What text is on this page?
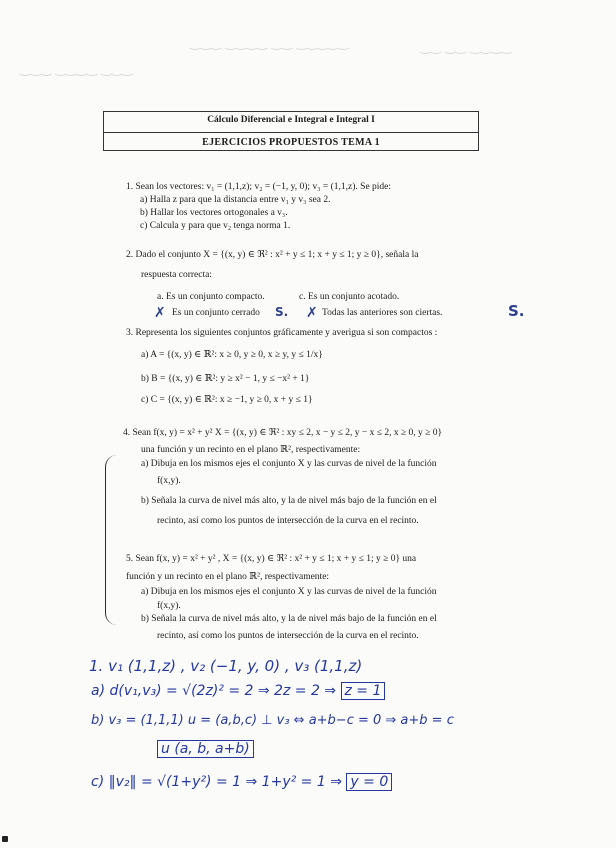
‿‿‿ ‿‿‿‿ ‿‿ ‿‿‿‿‿
‿‿‿ ‿‿‿‿ ‿‿‿
‿‿ ‿‿ ‿‿‿‿
Cálculo Diferencial e Integral e Integral I
EJERCICIOS PROPUESTOS TEMA 1
1. Sean los vectores: v₁ = (1,1,z); v₂ = (−1, y, 0); v₃ = (1,1,z). Se pide:
a) Halla z para que la distancia entre v₁ y v₃ sea 2.
b) Hallar los vectores ortogonales a v₃.
c) Calcula y para que v₂ tenga norma 1.
2. Dado el conjunto X = {(x, y) ∈ ℜ² : x² + y ≤ 1; x + y ≤ 1; y ≥ 0}, señala la
respuesta correcta:
a. Es un conjunto compacto.	c. Es un conjunto acotado.
✗ Es un conjunto cerrado S. ✗ Todas las anteriores son ciertas.	S.
3. Representa los siguientes conjuntos gráficamente y averigua si son compactos :
a) A = {(x, y) ∈ ℝ²: x ≥ 0, y ≥ 0, x ≥ y, y ≤ 1/x}
b) B = {(x, y) ∈ ℝ²: y ≥ x² − 1, y ≤ −x² + 1}
c) C = {(x, y) ∈ ℝ²: x ≥ −1, y ≥ 0, x + y ≤ 1}
4. Sean f(x, y) = x² + y² X = {(x, y) ∈ ℜ² : xy ≤ 2, x − y ≤ 2, y − x ≤ 2, x ≥ 0, y ≥ 0}
una función y un recinto en el plano ℝ², respectivamente:
a) Dibuja en los mismos ejes el conjunto X y las curvas de nivel de la función
f(x,y).
b) Señala la curva de nivel más alto, y la de nivel más bajo de la función en el
recinto, así como los puntos de intersección de la curva en el recinto.
5. Sean f(x, y) = x² + y² , X = {(x, y) ∈ ℜ² : x² + y ≤ 1; x + y ≤ 1; y ≥ 0} una
función y un recinto en el plano ℝ², respectivamente:
a) Dibuja en los mismos ejes el conjunto X y las curvas de nivel de la función
f(x,y).
b) Señala la curva de nivel más alto, y la de nivel más bajo de la función en el
recinto, así como los puntos de intersección de la curva en el recinto.
1. v₁ (1,1,z) , v₂ (−1, y, 0) , v₃ (1,1,z)
a) d(v₁,v₃) = √(2z)² = 2 ⇒ 2z = 2 ⇒ z = 1
b) v₃ = (1,1,1) u = (a,b,c) ⊥ v₃ ⇔ a+b−c = 0 ⇒ a+b = c
u (a, b, a+b)
c) ‖v₂‖ = √(1+y²) = 1 ⇒ 1+y² = 1 ⇒ y = 0
